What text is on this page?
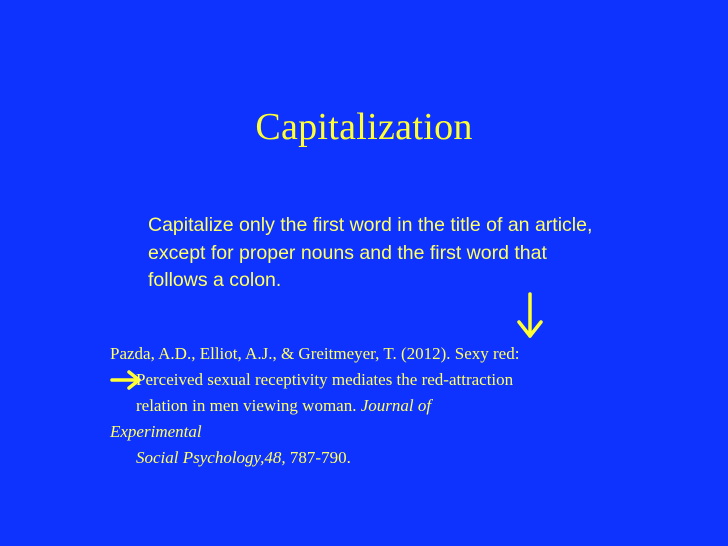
Capitalization
Capitalize only the first word in the title of an article, except for proper nouns and the first word that follows a colon.
Pazda, A.D., Elliot, A.J., & Greitmeyer, T. (2012). Sexy red:
Perceived sexual receptivity mediates the red-attraction
relation in men viewing woman. Journal of
Experimental
Social Psychology,48, 787-790.
